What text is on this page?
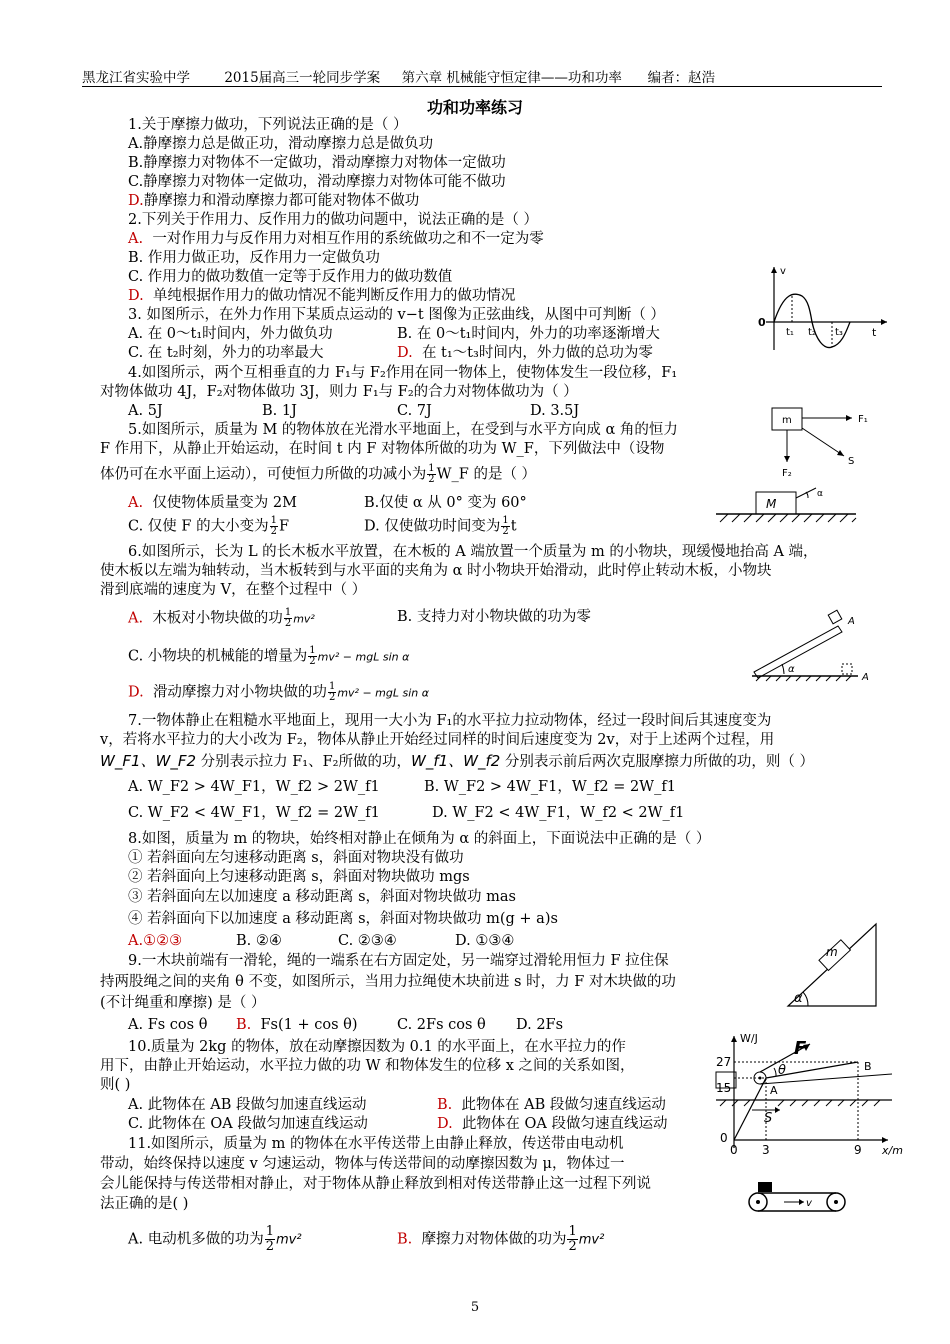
黑龙江省实验中学        2015届高三一轮同步学案     第六章 机械能守恒定律——功和功率      编者：赵浩
功和功率练习
1.关于摩擦力做功，下列说法正确的是（ ）
A.静摩擦力总是做正功，滑动摩擦力总是做负功
B.静摩擦力对物体不一定做功，滑动摩擦力对物体一定做功
C.静摩擦力对物体一定做功，滑动摩擦力对物体可能不做功
D.静摩擦力和滑动摩擦力都可能对物体不做功
2.下列关于作用力、反作用力的做功问题中，说法正确的是（ ）
A. 一对作用力与反作用力对相互作用的系统做功之和不一定为零
B. 作用力做正功，反作用力一定做负功
C. 作用力的做功数值一定等于反作用力的做功数值
D. 单纯根据作用力的做功情况不能判断反作用力的做功情况
3. 如图所示，在外力作用下某质点运动的 v−t 图像为正弦曲线，从图中可判断（ ）
A. 在 0～t₁时间内，外力做负功	B. 在 0～t₁时间内，外力的功率逐渐增大
C. 在 t₂时刻，外力的功率最大	D. 在 t₁～t₃时间内，外力做的总功为零
v
0
t₁ t₂ t₃	t
4.如图所示，两个互相垂直的力 F₁与 F₂作用在同一物体上，使物体发生一段位移，F₁
对物体做功 4J，F₂对物体做功 3J，则力 F₁与 F₂的合力对物体做功为（ ）
A. 5J	B. 1J	C. 7J	D. 3.5J
m	F₁
F₂
S
5.如图所示，质量为 M 的物体放在光滑水平地面上，在受到与水平方向成 α 角的恒力
F 作用下，从静止开始运动，在时间 t 内 F 对物体所做的功为 W_F，下列做法中（设物
体仍可在水平面上运动），可使恒力所做的功减小为 $\frac{1}{2}$ W_F 的是（ ）
A. 仅使物体质量变为 2M	B.仅使 α 从 0° 变为 60°
C. 仅使 F 的大小变为 $\frac{1}{2}$ F	D. 仅使做功时间变为 $\frac{1}{2}$ t
M
α
6.如图所示，长为 L 的长木板水平放置，在木板的 A 端放置一个质量为 m 的小物块，现缓慢地抬高 A 端，
使木板以左端为轴转动，当木板转到与水平面的夹角为 α 时小物块开始滑动，此时停止转动木板，小物块
滑到底端的速度为 V，在整个过程中（ ）
A. 木板对小物块做的功 $\frac{1}{2} mv^2$	B. 支持力对小物块做的功为零
C. 小物块的机械能的增量为 $\frac{1}{2} mv^2$ − mgL sin α
D. 滑动摩擦力对小物块做的功 $\frac{1}{2} mv^2$ − mgL sin α
A
α
A
7.一物体静止在粗糙水平地面上，现用一大小为 F₁的水平拉力拉动物体，经过一段时间后其速度变为
v，若将水平拉力的大小改为 F₂，物体从静止开始经过同样的时间后速度变为 2v，对于上述两个过程，用
W_F1、W_F2 分别表示拉力 F₁、F₂所做的功，W_f1、W_f2 分别表示前后两次克服摩擦力所做的功，则（ ）
A. W_F2 > 4W_F1，W_f2 > 2W_f1	B. W_F2 > 4W_F1，W_f2 = 2W_f1
C. W_F2 < 4W_F1，W_f2 = 2W_f1	D. W_F2 < 4W_F1，W_f2 < 2W_f1
8.如图，质量为 m 的物块，始终相对静止在倾角为 α 的斜面上，下面说法中正确的是（ ）
① 若斜面向左匀速移动距离 s，斜面对物块没有做功
② 若斜面向上匀速移动距离 s，斜面对物块做功 mgs
③ 若斜面向左以加速度 a 移动距离 s，斜面对物块做功 mas
④ 若斜面向下以加速度 a 移动距离 s，斜面对物块做功 m(g + a)s
A.①②③	B. ②④	C. ②③④	D. ①③④
m
α
9.一木块前端有一滑轮，绳的一端系在右方固定处，另一端穿过滑轮用恒力 F 拉住保
持两股绳之间的夹角 θ 不变，如图所示，当用力拉绳使木块前进 s 时，力 F 对木块做的功
(不计绳重和摩擦) 是（ ）
A. Fs cos θ B. Fs(1 + cos θ)	C. 2Fs cos θ D. 2Fs
10.质量为 2kg 的物体，放在动摩擦因数为 0.1 的水平面上，在水平拉力的作
用下，由静止开始运动，水平拉力做的功 W 和物体发生的位移 x 之间的关系如图，
则( )
A. 此物体在 AB 段做匀加速直线运动	B. 此物体在 AB 段做匀速直线运动
C. 此物体在 OA 段做匀加速直线运动	D. 此物体在 OA 段做匀速直线运动
W/J
x/m
27
15
0
0 3	9
A
B
θ
F
S
11.如图所示，质量为 m 的物体在水平传送带上由静止释放，传送带由电动机
带动，始终保持以速度 v 匀速运动，物体与传送带间的动摩擦因数为 μ，物体过一
会儿能保持与传送带相对静止，对于物体从静止释放到相对传送带静止这一过程下列说
法正确的是( )
A. 电动机多做的功为 $\frac{1}{2} mv^2$	B. 摩擦力对物体做的功为 $\frac{1}{2} mv^2$
v
5
